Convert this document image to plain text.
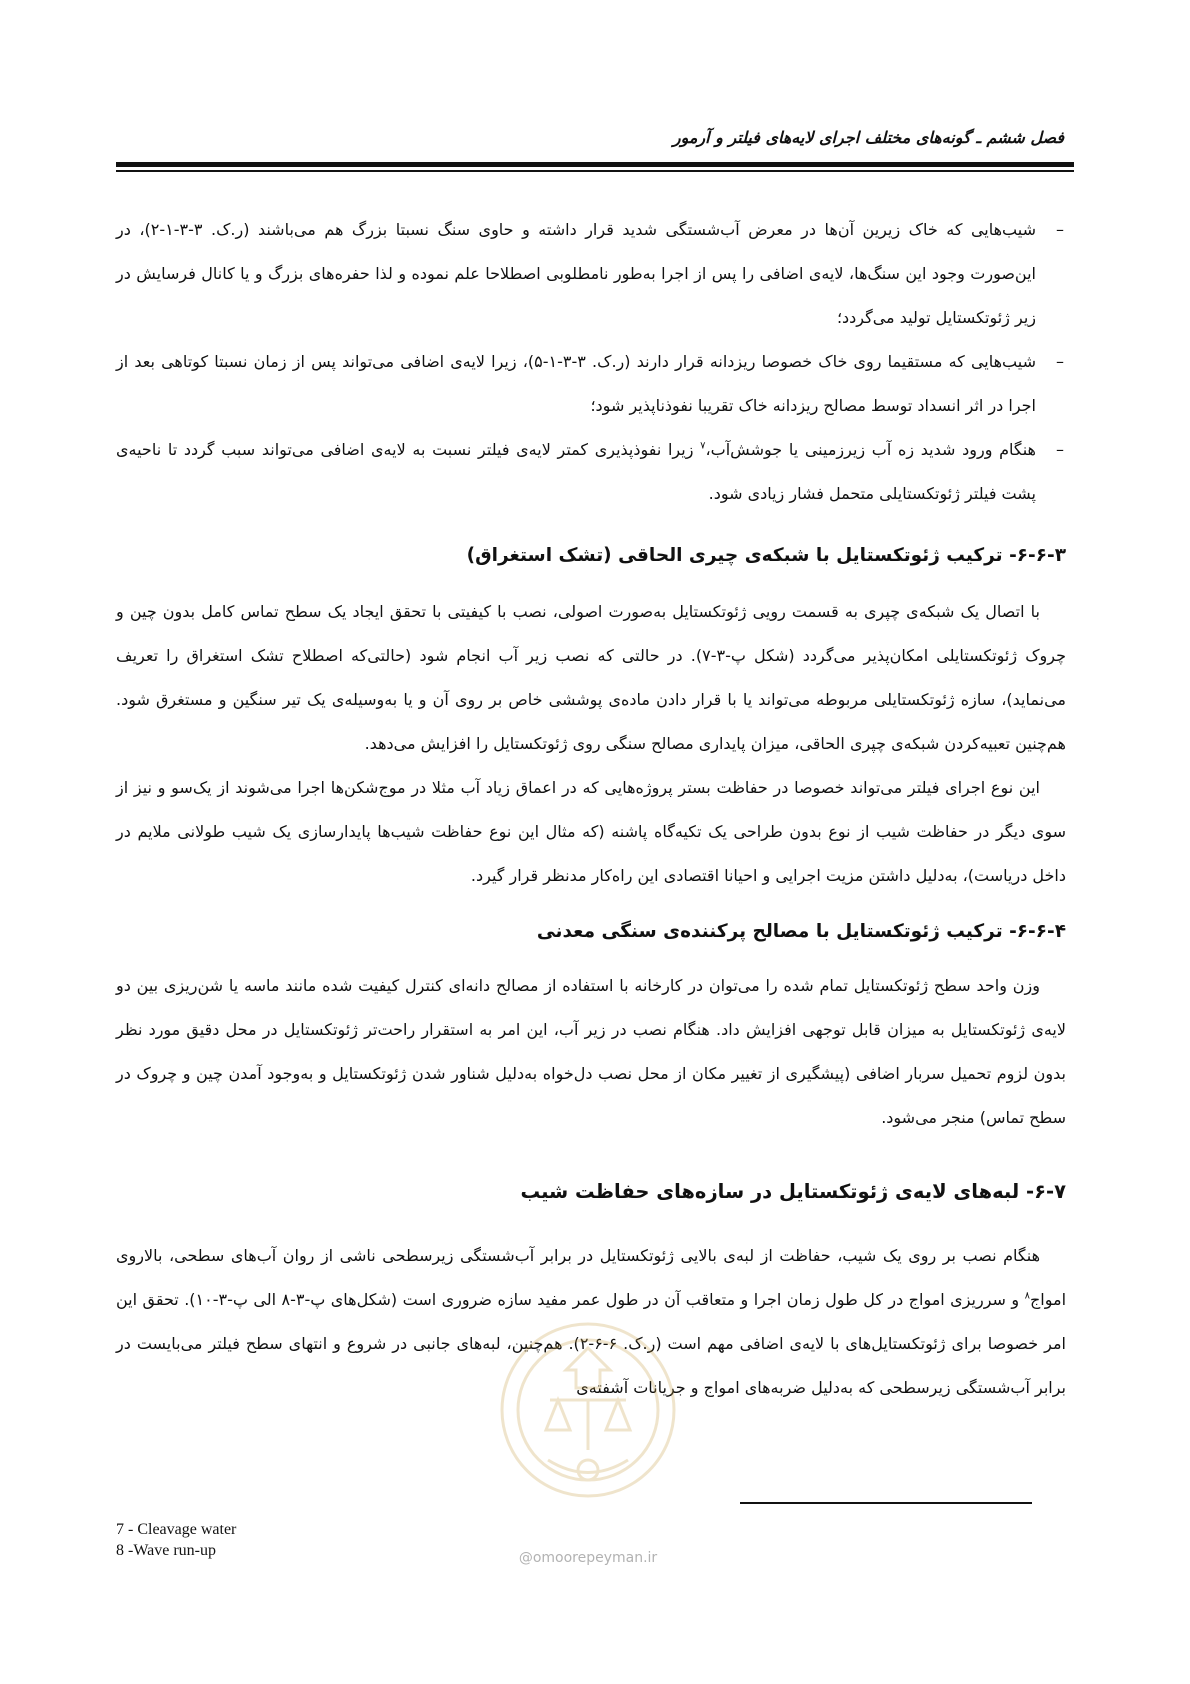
فصل ششم ـ گونه‌های مختلف اجرای لایه‌های فیلتر و آرمور
– شیب‌هایی که خاک زیرین آن‌ها در معرض آب‌شستگی شدید قرار داشته و حاوی سنگ نسبتا بزرگ هم می‌باشند (ر.ک. ۳-۳-۱-۲)، در این‌صورت وجود این سنگ‌ها، لایه‌ی اضافی را پس از اجرا به‌طور نامطلوبی اصطلاحا علم نموده و لذا حفره‌های بزرگ و یا کانال فرسایش در زیر ژئوتکستایل تولید می‌گردد؛
– شیب‌هایی که مستقیما روی خاک خصوصا ریزدانه قرار دارند (ر.ک. ۳-۳-۱-۵)، زیرا لایه‌ی اضافی می‌تواند پس از زمان نسبتا کوتاهی بعد از اجرا در اثر انسداد توسط مصالح ریزدانه خاک تقریبا نفوذناپذیر شود؛
– هنگام ورود شدید زه آب زیرزمینی یا جوشش‌آب،$^۷$ زیرا نفوذپذیری کمتر لایه‌ی فیلتر نسبت به لایه‌ی اضافی می‌تواند سبب گردد تا ناحیه‌ی پشت فیلتر ژئوتکستایلی متحمل فشار زیادی شود.
۶-۶-۳- ترکیب ژئوتکستایل با شبکه‌ی چیری الحاقی (تشک استغراق)

با اتصال یک شبکه‌ی چپری به قسمت رویی ژئوتکستایل به‌صورت اصولی، نصب با کیفیتی با تحقق ایجاد یک سطح تماس کامل بدون چین و چروک ژئوتکستایلی امکان‌پذیر می‌گردد (شکل پ-۳-۷). در حالتی که نصب زیر آب انجام شود (حالتی‌که اصطلاح تشک استغراق را تعریف می‌نماید)، سازه ژئوتکستایلی مربوطه می‌تواند یا با قرار دادن ماده‌ی پوششی خاص بر روی آن و یا به‌وسیله‌ی یک تیر سنگین و مستغرق شود. هم‌چنین تعبیه‌کردن شبکه‌ی چپری الحاقی، میزان پایداری مصالح سنگی روی ژئوتکستایل را افزایش می‌دهد.

این نوع اجرای فیلتر می‌تواند خصوصا در حفاظت بستر پروژه‌هایی که در اعماق زیاد آب مثلا در موج‌شکن‌ها اجرا می‌شوند از یک‌سو و نیز از سوی دیگر در حفاظت شیب از نوع بدون طراحی یک تکیه‌گاه پاشنه (که مثال این نوع حفاظت شیب‌ها پایدارسازی یک شیب طولانی ملایم در داخل دریاست)، به‌دلیل داشتن مزیت اجرایی و احیانا اقتصادی این راه‌کار مدنظر قرار گیرد.

۶-۶-۴- ترکیب ژئوتکستایل با مصالح پرکننده‌ی سنگی معدنی

وزن واحد سطح ژئوتکستایل تمام شده را می‌توان در کارخانه با استفاده از مصالح دانه‌ای کنترل کیفیت شده مانند ماسه یا شن‌ریزی بین دو لایه‌ی ژئوتکستایل به میزان قابل توجهی افزایش داد. هنگام نصب در زیر آب، این امر به استقرار راحت‌تر ژئوتکستایل در محل دقیق مورد نظر بدون لزوم تحمیل سربار اضافی (پیشگیری از تغییر مکان از محل نصب دل‌خواه به‌دلیل شناور شدن ژئوتکستایل و به‌وجود آمدن چین و چروک در سطح تماس) منجر می‌شود.

۶-۷- لبه‌های لایه‌ی ژئوتکستایل در سازه‌های حفاظت شیب

هنگام نصب بر روی یک شیب، حفاظت از لبه‌ی بالایی ژئوتکستایل در برابر آب‌شستگی زیرسطحی ناشی از روان آب‌های سطحی، بالاروی امواج$^۸$ و سرریزی امواج در کل طول زمان اجرا و متعاقب آن در طول عمر مفید سازه ضروری است (شکل‌های پ-۳-۸ الی پ-۳-۱۰). تحقق این امر خصوصا برای ژئوتکستایل‌های با لایه‌ی اضافی مهم است (ر.ک. ۶-۶-۲). هم‌چنین، لبه‌های جانبی در شروع و انتهای سطح فیلتر می‌بایست در برابر آب‌شستگی زیرسطحی که به‌دلیل ضربه‌های امواج و جریانات آشفته‌ی

@omoorepeyman.ir
7 - Cleavage water
8 -Wave run-up
